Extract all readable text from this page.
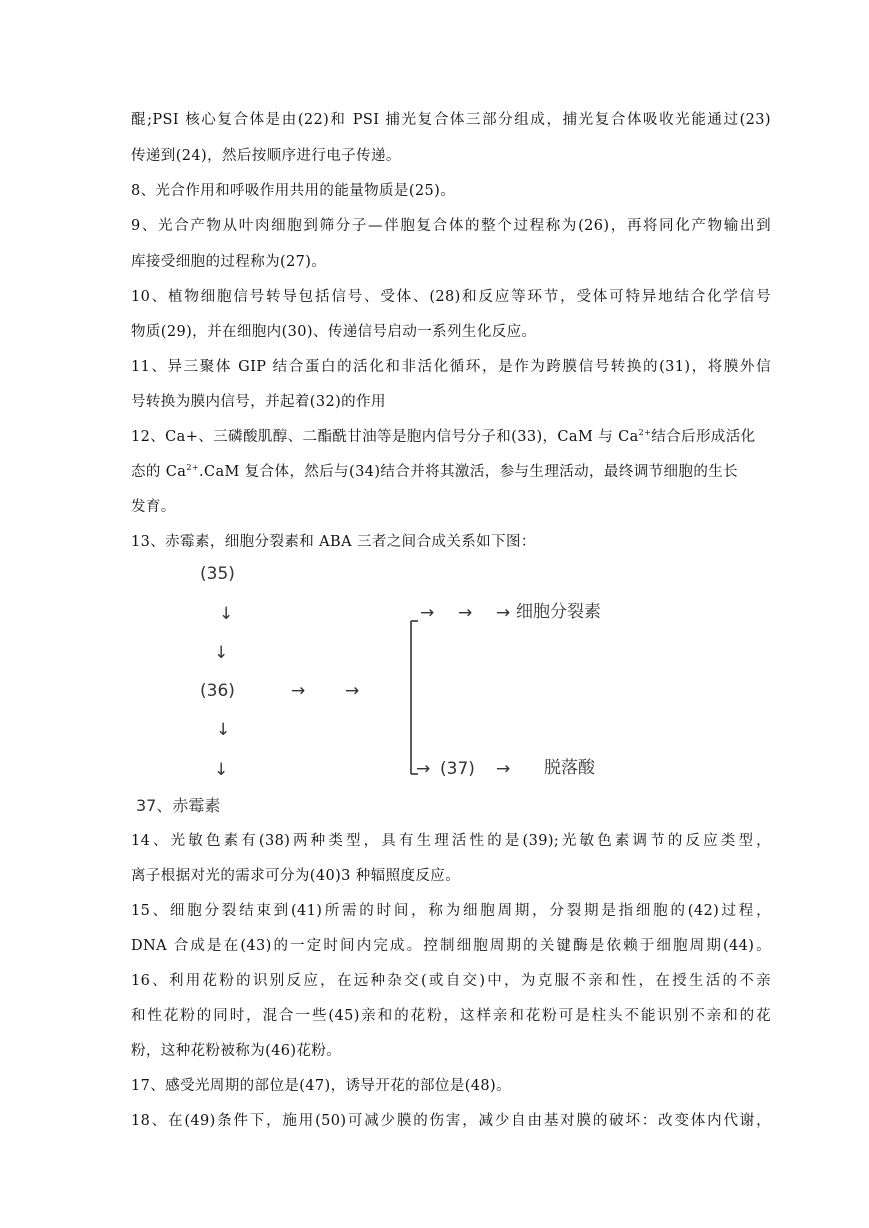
醌;PSI 核心复合体是由(22)和 PSI 捕光复合体三部分组成，捕光复合体吸收光能通过(23)
传递到(24)，然后按顺序进行电子传递。
8、光合作用和呼吸作用共用的能量物质是(25)。
9、光合产物从叶肉细胞到筛分子—伴胞复合体的整个过程称为(26)，再将同化产物输出到
库接受细胞的过程称为(27)。
10、植物细胞信号转导包括信号、受体、(28)和反应等环节，受体可特异地结合化学信号
物质(29)，并在细胞内(30)、传递信号启动一系列生化反应。
11、异三聚体 GIP 结合蛋白的活化和非活化循环，是作为跨膜信号转换的(31)，将膜外信
号转换为膜内信号，并起着(32)的作用
12、Ca+、三磷酸肌醇、二酯酰甘油等是胞内信号分子和(33)，CaM 与 $Ca^{2+}$结合后形成活化
态的 $Ca^{2+}.CaM$ 复合体，然后与(34)结合并将其激活，参与生理活动，最终调节细胞的生长
发育。
13、赤霉素，细胞分裂素和 ABA 三者之间合成关系如下图：
(35)
↓
↓
(36)	→ →
↓
↓
→ → → 细胞分裂素
→ (37) → 脱落酸
37、赤霉素
14、光敏色素有(38)两种类型，具有生理活性的是(39);光敏色素调节的反应类型，
离子根据对光的需求可分为(40)3 种辐照度反应。
15、细胞分裂结束到(41)所需的时间，称为细胞周期，分裂期是指细胞的(42)过程，
DNA 合成是在(43)的一定时间内完成。控制细胞周期的关键酶是依赖于细胞周期(44)。
16、利用花粉的识别反应，在远种杂交(或自交)中，为克服不亲和性，在授生活的不亲
和性花粉的同时，混合一些(45)亲和的花粉，这样亲和花粉可是柱头不能识别不亲和的花
粉，这种花粉被称为(46)花粉。
17、感受光周期的部位是(47)，诱导开花的部位是(48)。
18、在(49)条件下，施用(50)可减少膜的伤害，减少自由基对膜的破坏：改变体内代谢，
